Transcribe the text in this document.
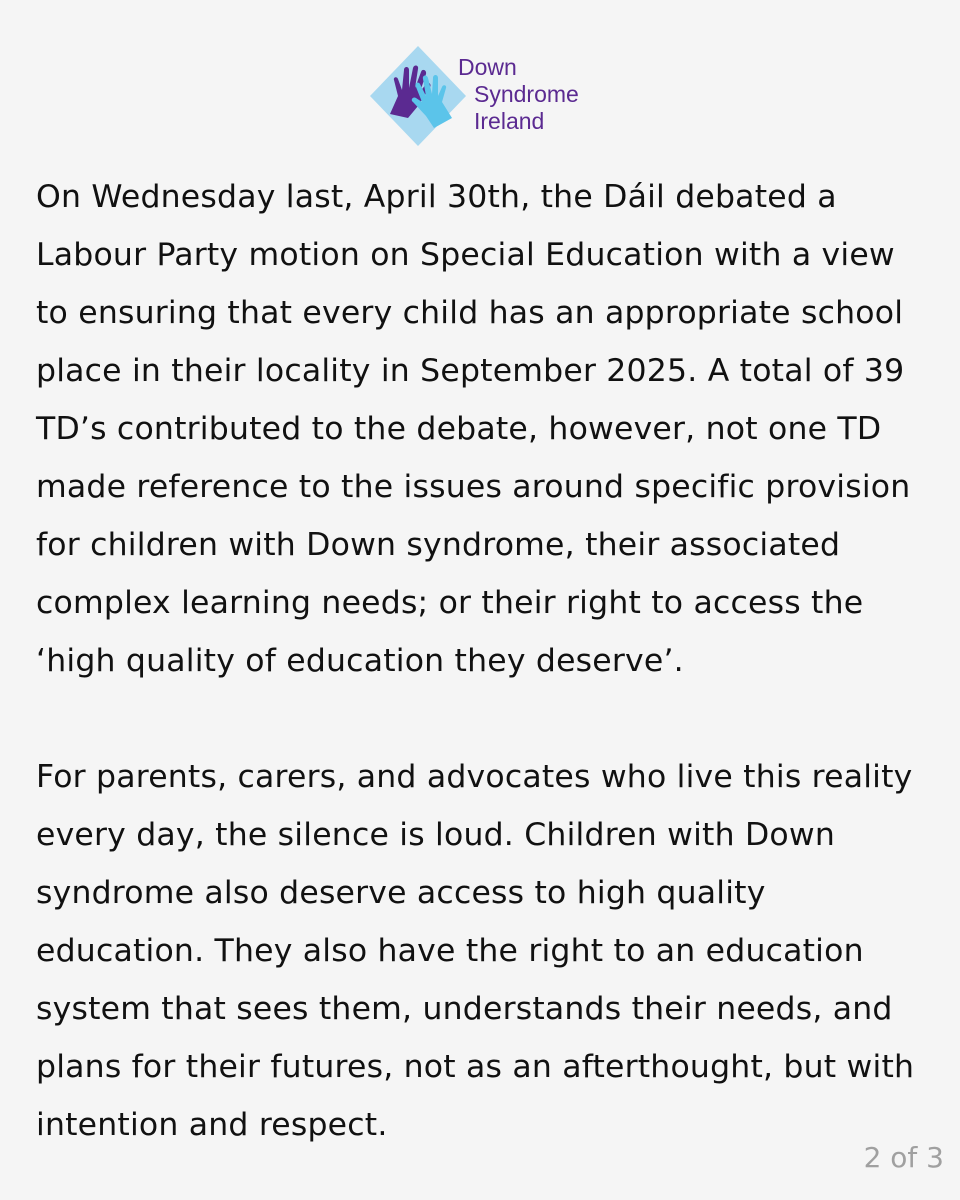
Down
Syndrome
Ireland

On Wednesday last, April 30th, the Dáil debated a Labour Party motion on Special Education with a view to ensuring that every child has an appropriate school place in their locality in September 2025. A total of 39 TD’s contributed to the debate, however, not one TD made reference to the issues around specific provision for children with Down syndrome, their associated complex learning needs; or their right to access the ‘high quality of education they deserve’.

For parents, carers, and advocates who live this reality every day, the silence is loud. Children with Down syndrome also deserve access to high quality education. They also have the right to an education system that sees them, understands their needs, and plans for their futures, not as an afterthought, but with intention and respect.

2 of 3
